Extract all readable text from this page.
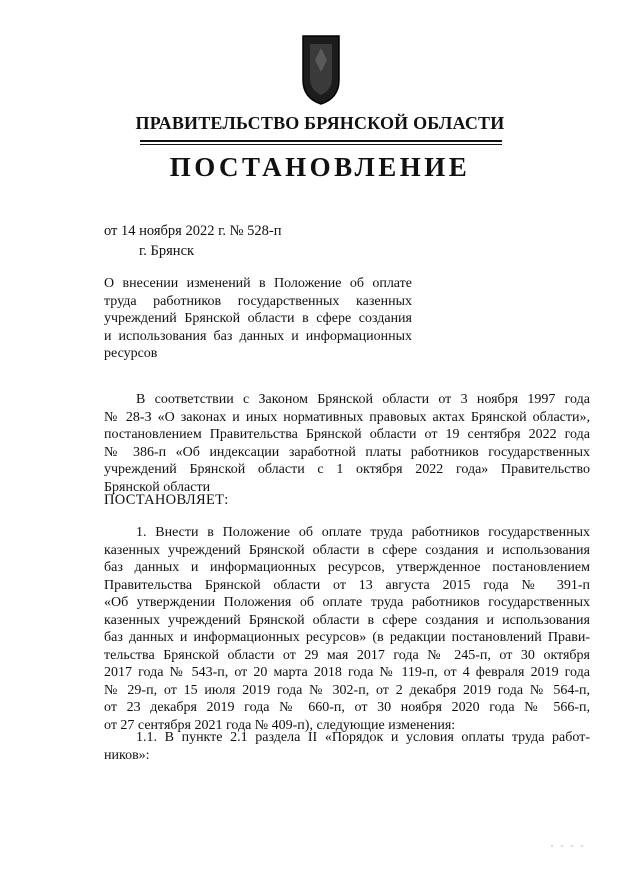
ПРАВИТЕЛЬСТВО БРЯНСКОЙ ОБЛАСТИ
ПОСТАНОВЛЕНИЕ
от 14 ноября 2022 г. № 528-п
г. Брянск

О внесении изменений в Положение об оплате
труда работников государственных казенных
учреждений Брянской области в сфере создания
и использования баз данных и информационных
ресурсов

В соответствии с Законом Брянской области от 3 ноября 1997 года
№ 28-З «О законах и иных нормативных правовых актах Брянской области»,
постановлением Правительства Брянской области от 19 сентября 2022 года
№ 386-п «Об индексации заработной платы работников государственных
учреждений Брянской области с 1 октября 2022 года» Правительство
Брянской области

ПОСТАНОВЛЯЕТ:

1. Внести в Положение об оплате труда работников государственных
казенных учреждений Брянской области в сфере создания и использования
баз данных и информационных ресурсов, утвержденное постановлением
Правительства Брянской области от 13 августа 2015 года № 391-п
«Об утверждении Положения об оплате труда работников государственных
казенных учреждений Брянской области в сфере создания и использования
баз данных и информационных ресурсов» (в редакции постановлений Прави-
тельства Брянской области от 29 мая 2017 года № 245-п, от 30 октября
2017 года № 543-п, от 20 марта 2018 года № 119-п, от 4 февраля 2019 года
№ 29-п, от 15 июля 2019 года № 302-п, от 2 декабря 2019 года № 564-п,
от 23 декабря 2019 года № 660-п, от 30 ноября 2020 года № 566-п,
от 27 сентября 2021 года № 409-п), следующие изменения:

1.1. В пункте 2.1 раздела II «Порядок и условия оплаты труда работ-
ников»:
